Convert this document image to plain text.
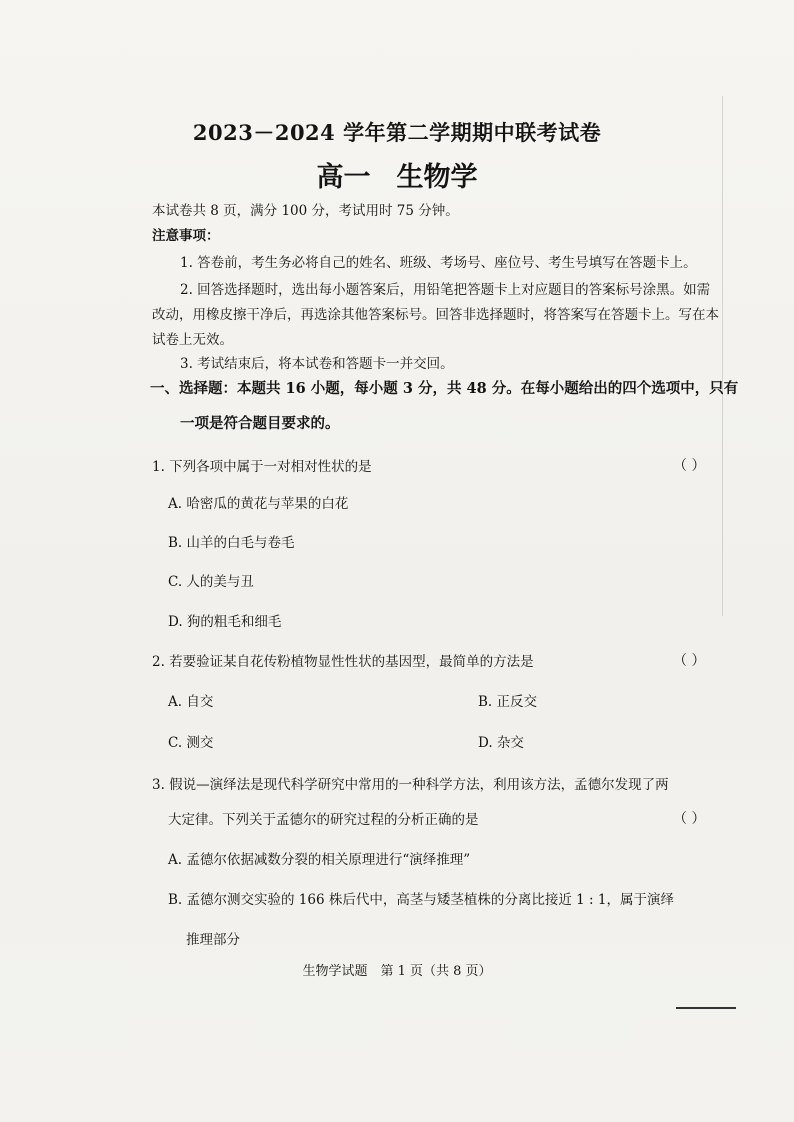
2023－2024 学年第二学期期中联考试卷
高一 生物学
本试卷共 8 页，满分 100 分，考试用时 75 分钟。
注意事项：
1. 答卷前，考生务必将自己的姓名、班级、考场号、座位号、考生号填写在答题卡上。
2. 回答选择题时，选出每小题答案后，用铅笔把答题卡上对应题目的答案标号涂黑。如需
改动，用橡皮擦干净后，再选涂其他答案标号。回答非选择题时，将答案写在答题卡上。写在本
试卷上无效。
3. 考试结束后，将本试卷和答题卡一并交回。
一、选择题：本题共 16 小题，每小题 3 分，共 48 分。在每小题给出的四个选项中，只有
一项是符合题目要求的。
1. 下列各项中属于一对相对性状的是	（ ）
A. 哈密瓜的黄花与苹果的白花
B. 山羊的白毛与卷毛
C. 人的美与丑
D. 狗的粗毛和细毛
2. 若要验证某自花传粉植物显性性状的基因型，最简单的方法是	（ ）
A. 自交	B. 正反交
C. 测交	D. 杂交
3. 假说—演绎法是现代科学研究中常用的一种科学方法，利用该方法，孟德尔发现了两
大定律。下列关于孟德尔的研究过程的分析正确的是	（ ）
A. 孟德尔依据减数分裂的相关原理进行“演绎推理”
B. 孟德尔测交实验的 166 株后代中，高茎与矮茎植株的分离比接近 1 : 1，属于演绎
推理部分
生物学试题　第 1 页（共 8 页）
